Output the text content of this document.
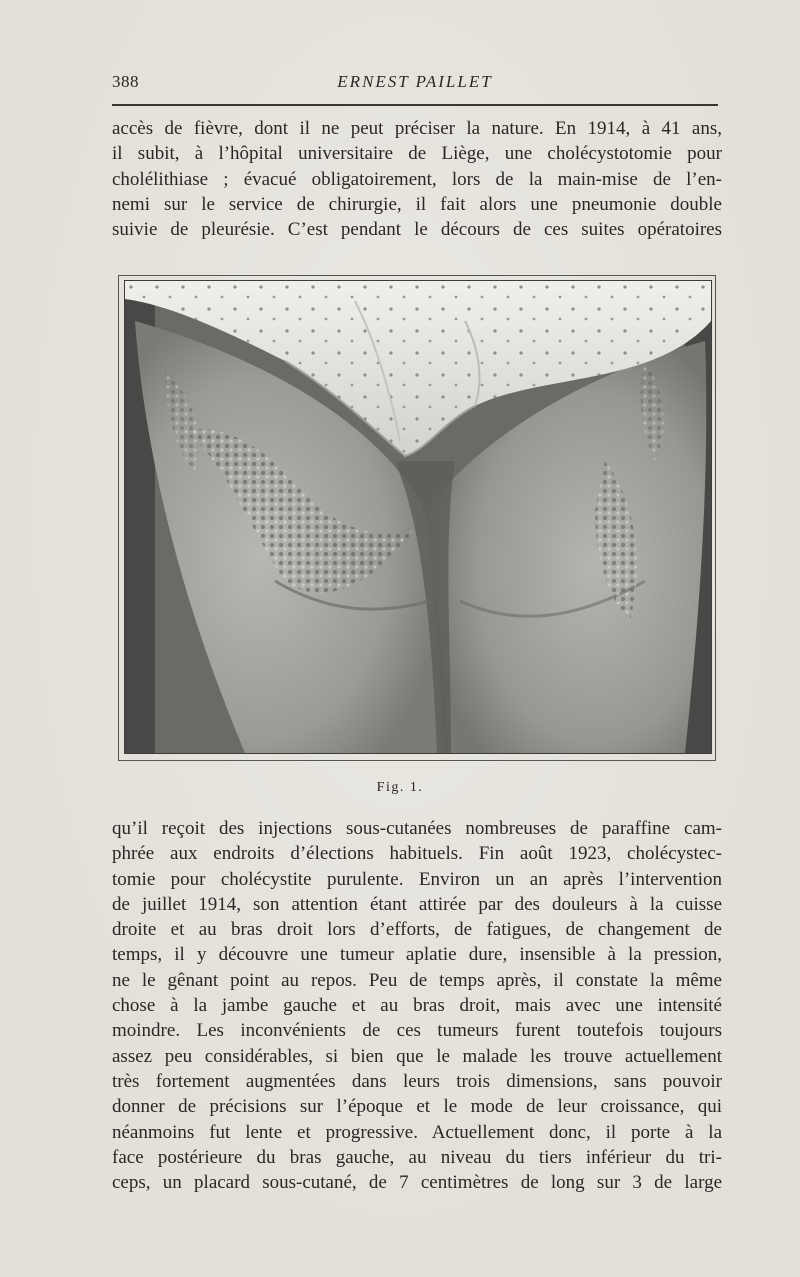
388	ERNEST PAILLET

accès de fièvre, dont il ne peut préciser la nature. En 1914, à 41 ans,
il subit, à l’hôpital universitaire de Liège, une cholécystotomie pour
cholélithiase ; évacué obligatoirement, lors de la main-mise de l’en-
nemi sur le service de chirurgie, il fait alors une pneumonie double
suivie de pleurésie. C’est pendant le décours de ces suites opératoires

Fig. 1.

qu’il reçoit des injections sous-cutanées nombreuses de paraffine cam-
phrée aux endroits d’élections habituels. Fin août 1923, cholécystec-
tomie pour cholécystite purulente. Environ un an après l’intervention
de juillet 1914, son attention étant attirée par des douleurs à la cuisse
droite et au bras droit lors d’efforts, de fatigues, de changement de
temps, il y découvre une tumeur aplatie dure, insensible à la pression,
ne le gênant point au repos. Peu de temps après, il constate la même
chose à la jambe gauche et au bras droit, mais avec une intensité
moindre. Les inconvénients de ces tumeurs furent toutefois toujours
assez peu considérables, si bien que le malade les trouve actuellement
très fortement augmentées dans leurs trois dimensions, sans pouvoir
donner de précisions sur l’époque et le mode de leur croissance, qui
néanmoins fut lente et progressive. Actuellement donc, il porte à la
face postérieure du bras gauche, au niveau du tiers inférieur du tri-
ceps, un placard sous-cutané, de 7 centimètres de long sur 3 de large
